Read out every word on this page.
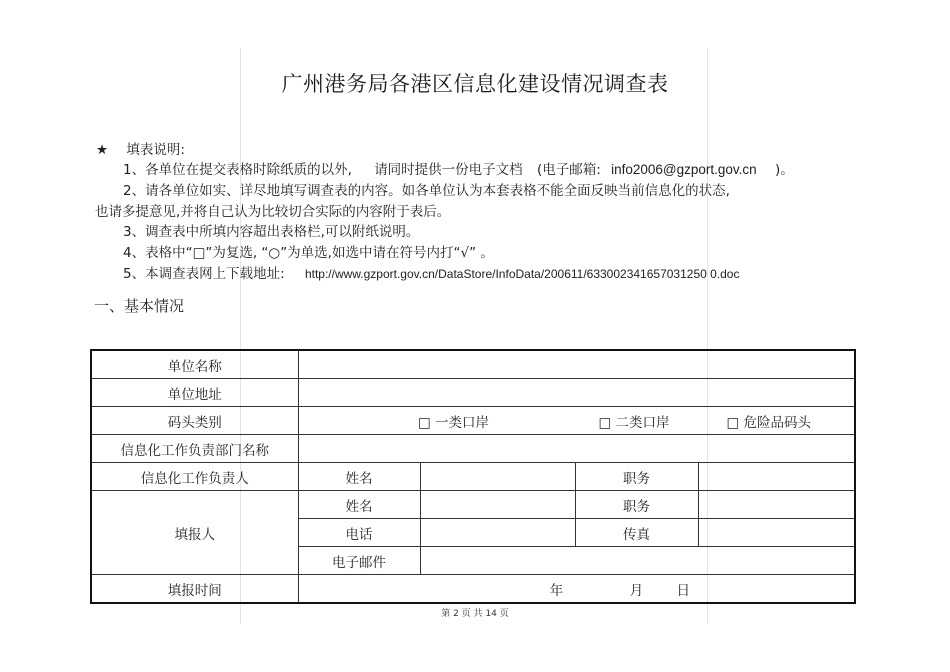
广州港务局各港区信息化建设情况调查表
★ 填表说明:
1、各单位在提交表格时除纸质的以外, 请同时提供一份电子文档 (电子邮箱: info2006@gzport.gov.cn )。
2、请各单位如实、详尽地填写调查表的内容。如各单位认为本套表格不能全面反映当前信息化的状态,
也请多提意见,并将自己认为比较切合实际的内容附于表后。
3、调查表中所填内容超出表格栏,可以附纸说明。
4、表格中“□”为复选, “○”为单选,如选中请在符号内打“√” 。
5、本调查表网上下载地址: http://www.gzport.gov.cn/DataStore/InfoData/200611/633002341657031250 0.doc
一、基本情况
单位名称				
单位地址				
码头类别	□ 一类口岸 □ 二类口岸 □ 危险品码头			
信息化工作负责部门名称				
信息化工作负责人	姓名		职务	
填报人	姓名		职务	
	电话		传真	
	电子邮件			
填报时间	年 月 日			
第 2 页 共 14 页
